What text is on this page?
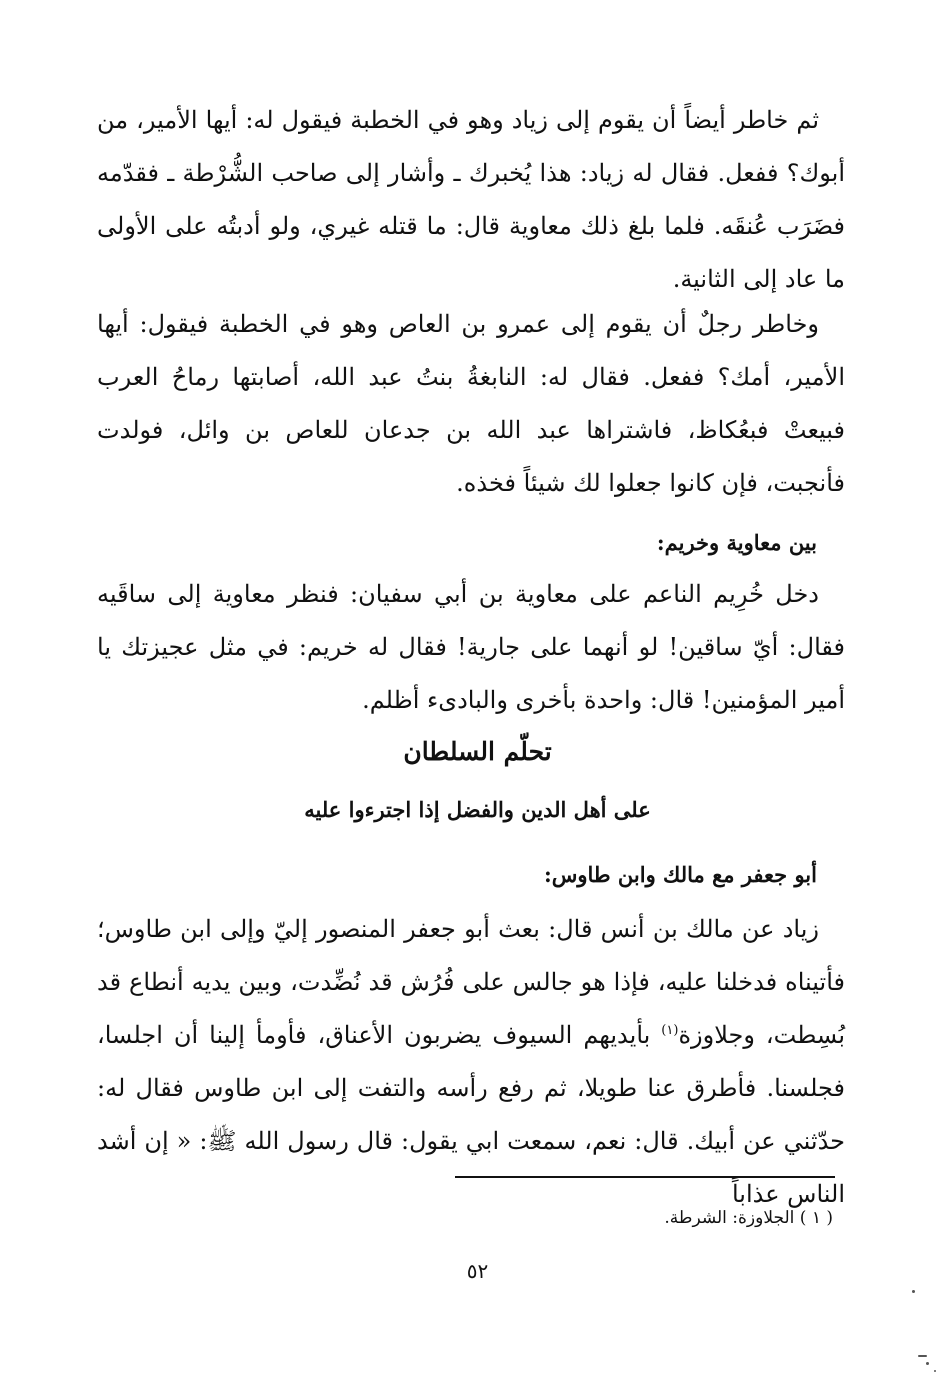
ثم خاطر أيضاً أن يقوم إلى زياد وهو في الخطبة فيقول له: أيها الأمير، من أبوك؟ ففعل. فقال له زياد: هذا يُخبرك ـ وأشار إلى صاحب الشُّرْطة ـ فقدّمه فضَرَب عُنقَه. فلما بلغ ذلك معاوية قال: ما قتله غيري، ولو أدبتُه على الأولى ما عاد إلى الثانية.

وخاطر رجلٌ أن يقوم إلى عمرو بن العاص وهو في الخطبة فيقول: أيها الأمير، أمك؟ ففعل. فقال له: النابغةُ بنتُ عبد الله، أصابتها رماحُ العرب فبيعتْ فبعُكاظ، فاشتراها عبد الله بن جدعان للعاص بن وائل، فولدت فأنجبت، فإن كانوا جعلوا لك شيئاً فخذه.

بين معاوية وخريم:

دخل خُرِيم الناعم على معاوية بن أبي سفيان: فنظر معاوية إلى ساقَيه فقال: أيّ ساقين! لو أنهما على جارية! فقال له خريم: في مثل عجيزتك يا أمير المؤمنين! قال: واحدة بأخرى والبادىء أظلم.

تحلّم السلطان
على أهل الدين والفضل إذا اجترءوا عليه
أبو جعفر مع مالك وابن طاوس:

زياد عن مالك بن أنس قال: بعث أبو جعفر المنصور إليّ وإلى ابن طاوس؛ فأتيناه فدخلنا عليه، فإذا هو جالس على فُرُش قد نُضِّدت، وبين يديه أنطاع قد بُسِطت، وجلاوزة$^{(١)}$ بأيديهم السيوف يضربون الأعناق، فأومأ إلينا أن اجلسا، فجلسنا. فأطرق عنا طويلا، ثم رفع رأسه والتفت إلى ابن طاوس فقال له: حدّثني عن أبيك. قال: نعم، سمعت ابي يقول: قال رسول الله ﷺ: « إن أشد الناس عذاباً

( ١ ) الجلاوزة: الشرطة.
٥٢
